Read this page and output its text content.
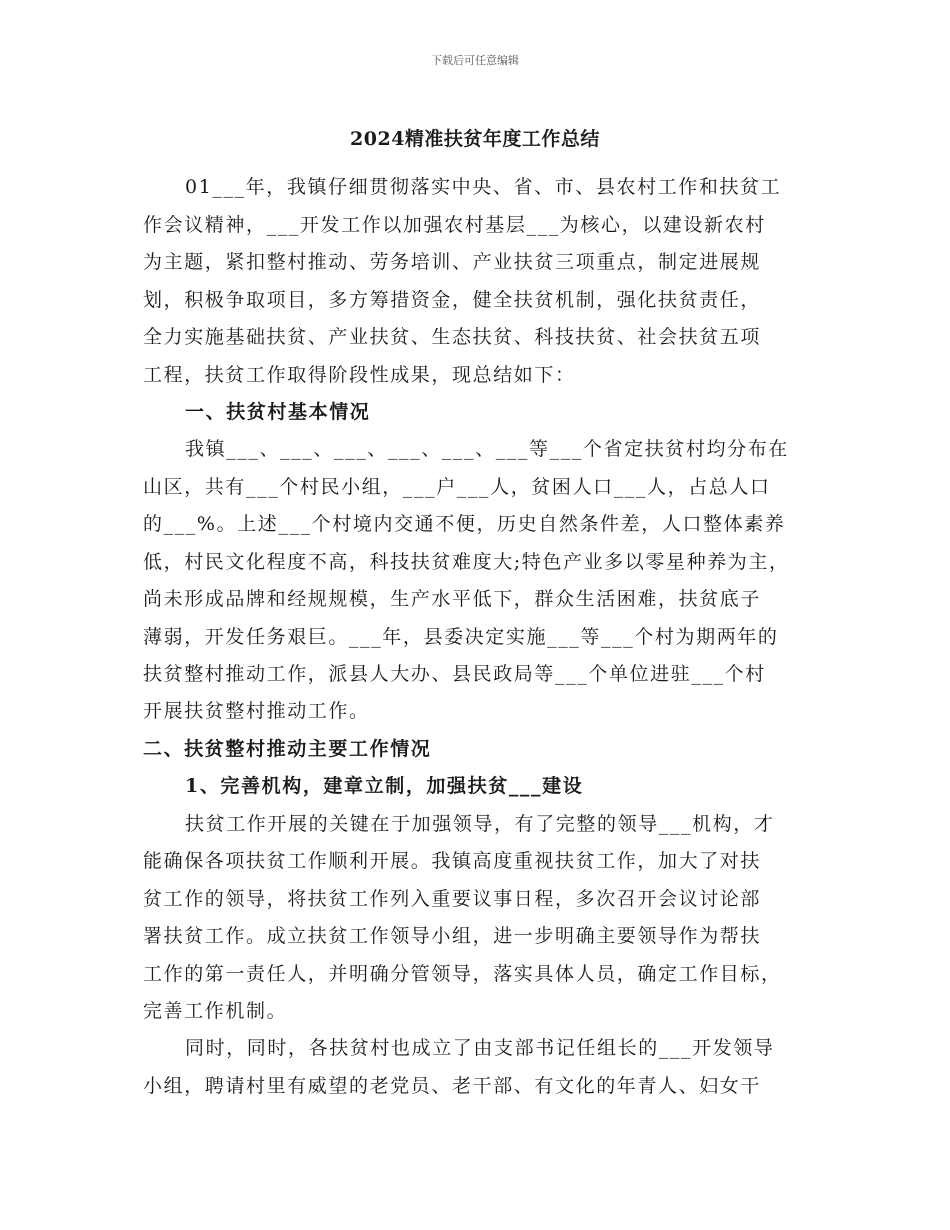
下载后可任意编辑
2024精准扶贫年度工作总结
01___年，我镇仔细贯彻落实中央、省、市、县农村工作和扶贫工
作会议精神，___开发工作以加强农村基层___为核心，以建设新农村
为主题，紧扣整村推动、劳务培训、产业扶贫三项重点，制定进展规
划，积极争取项目，多方筹措资金，健全扶贫机制，强化扶贫责任，
全力实施基础扶贫、产业扶贫、生态扶贫、科技扶贫、社会扶贫五项
工程，扶贫工作取得阶段性成果，现总结如下：
一、扶贫村基本情况
我镇___、___、___、___、___、___等___个省定扶贫村均分布在
山区，共有___个村民小组，___户___人，贫困人口___人，占总人口
的___%。上述___个村境内交通不便，历史自然条件差，人口整体素养
低，村民文化程度不高，科技扶贫难度大;特色产业多以零星种养为主，
尚未形成品牌和经规规模，生产水平低下，群众生活困难，扶贫底子
薄弱，开发任务艰巨。___年，县委决定实施___等___个村为期两年的
扶贫整村推动工作，派县人大办、县民政局等___个单位进驻___个村
开展扶贫整村推动工作。
二、扶贫整村推动主要工作情况
1、完善机构，建章立制，加强扶贫___建设
扶贫工作开展的关键在于加强领导，有了完整的领导___机构，才
能确保各项扶贫工作顺利开展。我镇高度重视扶贫工作，加大了对扶
贫工作的领导，将扶贫工作列入重要议事日程，多次召开会议讨论部
署扶贫工作。成立扶贫工作领导小组，进一步明确主要领导作为帮扶
工作的第一责任人，并明确分管领导，落实具体人员，确定工作目标，
完善工作机制。
同时，同时，各扶贫村也成立了由支部书记任组长的___开发领导
小组，聘请村里有威望的老党员、老干部、有文化的年青人、妇女干
